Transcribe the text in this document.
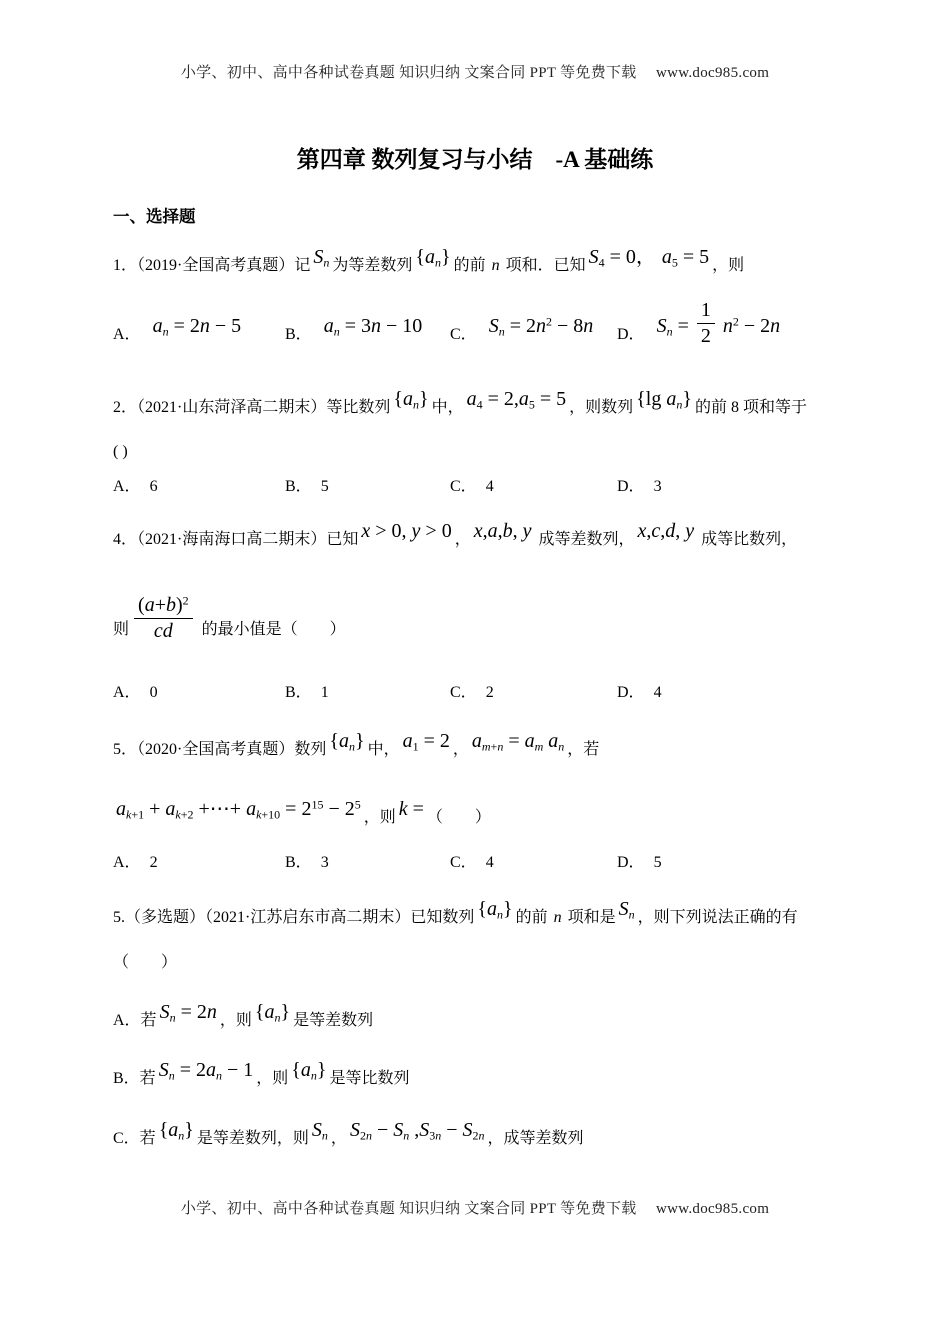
小学、初中、高中各种试卷真题 知识归纳 文案合同 PPT 等免费下载　 www.doc985.com
第四章 数列复习与小结　-A 基础练
一、选择题
1．（2019·全国高考真题）记 $S_n$ 为等差数列 $\{a_n\}$ 的前 n 项和．已知 $S_4 = 0$， $a_5 = 5$ ，则
A． $a_n = 2n - 5$	B． $a_n = 3n - 10$	C． $S_n = 2n^2 - 8n$	D． $S_n = \frac{1}{2} n^2 - 2n$
2．（2021·山东菏泽高二期末）等比数列 $\{a_n\}$ 中， $a_4 = 2,a_5 = 5$ ，则数列 {lg $a_n$} 的前 8 项和等于
( )
A． 6	B． 5	C． 4	D． 3
4．（2021·海南海口高二期末）已知 x > 0, y > 0 ， x,a,b, y 成等差数列， x,c,d, y 成等比数列，
则 $\frac{(a+b)^2}{cd}$ 的最小值是（　　）
A． 0	B． 1	C． 2	D． 4
5．（2020·全国高考真题）数列 $\{a_n\}$ 中， $a_1 = 2$ ， $a_{m+n} = a_m$ $a_n$ ，若
$a_{k+1} + a_{k+2}$ +⋯+ $a_{k+10} = 2^{15} - 2^5$，则 k = （　　）
A． 2	B． 3	C． 4	D． 5
5.（多选题）（2021·江苏启东市高二期末）已知数列 $\{a_n\}$ 的前 n 项和是 $S_n$ ，则下列说法正确的有
（　　）
A．若 $S_n = 2n$ ，则 $\{a_n\}$ 是等差数列
B．若 $S_n = 2a_n - 1$ ，则 $\{a_n\}$ 是等比数列
C．若 $\{a_n\}$ 是等差数列，则 $S_n$ ， $S_{2n} - S_n$ $,S_{3n} - S_{2n}$ ，成等差数列
小学、初中、高中各种试卷真题 知识归纳 文案合同 PPT 等免费下载　 www.doc985.com
